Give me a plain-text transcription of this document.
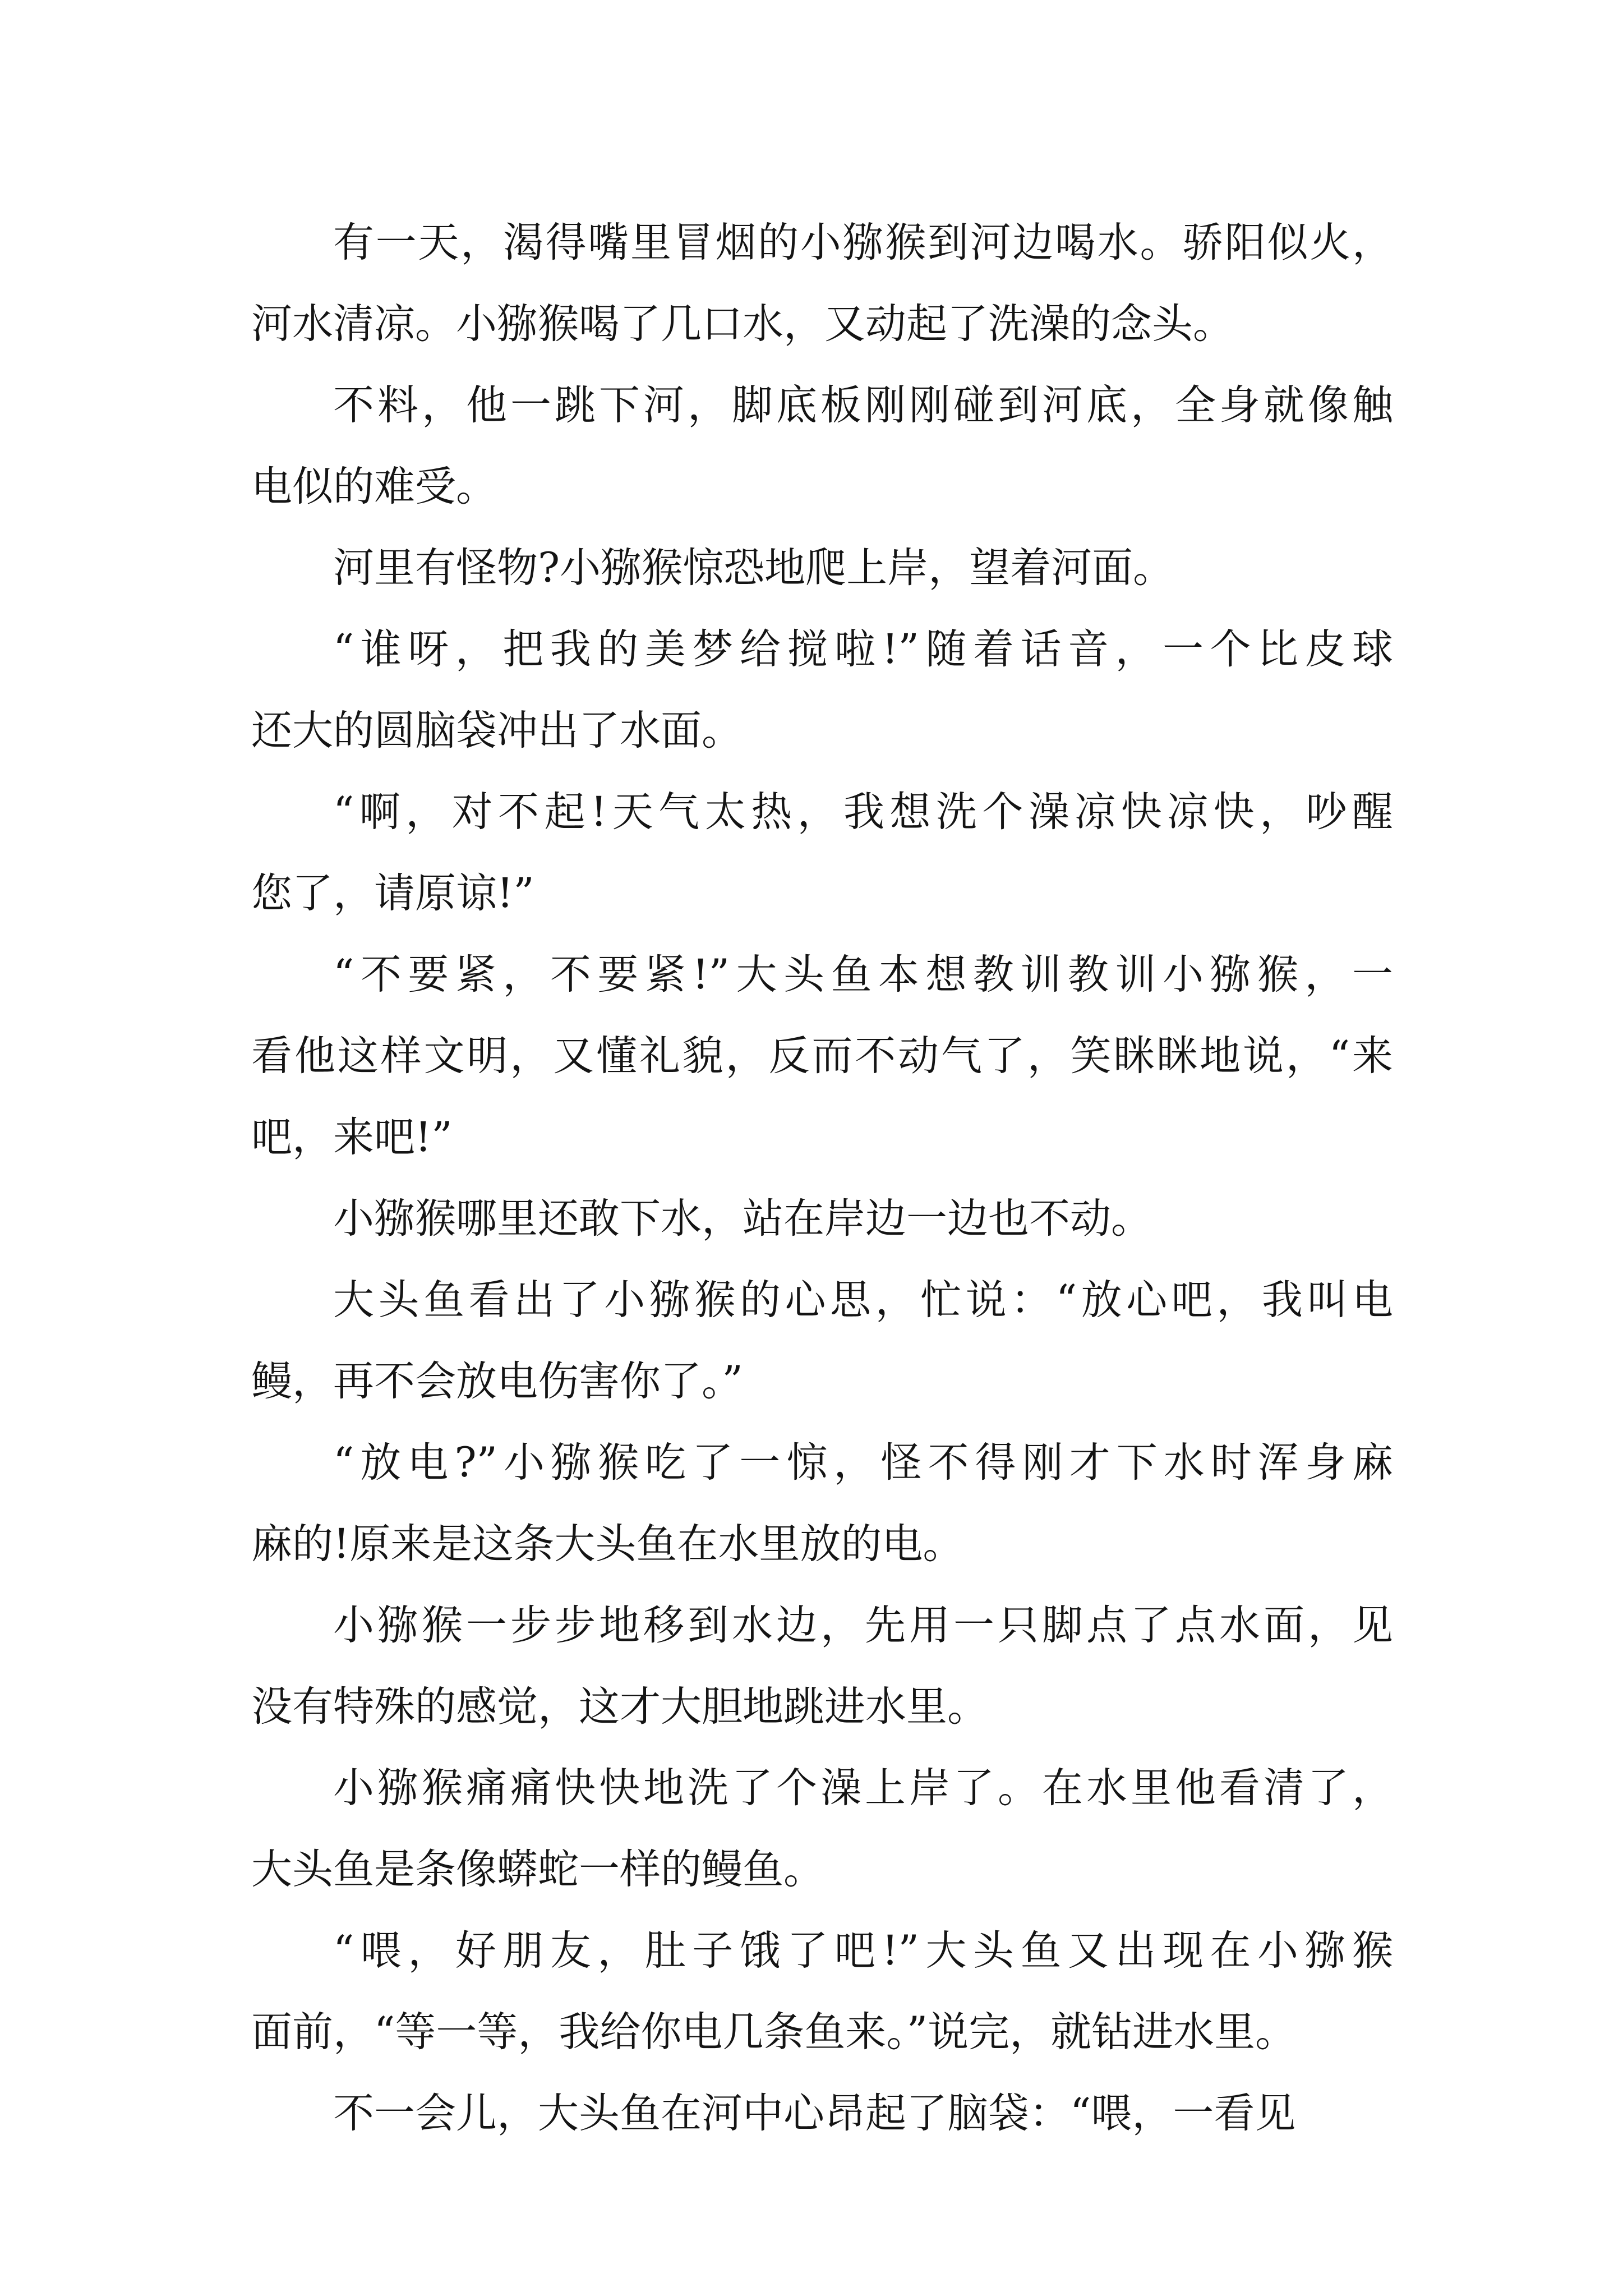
有一天，渴得嘴里冒烟的小猕猴到河边喝水。骄阳似火，
河水清凉。小猕猴喝了几口水，又动起了洗澡的念头。

不料，他一跳下河，脚底板刚刚碰到河底，全身就像触
电似的难受。

河里有怪物?小猕猴惊恐地爬上岸，望着河面。

“谁呀，把我的美梦给搅啦!”随着话音，一个比皮球
还大的圆脑袋冲出了水面。

“啊，对不起!天气太热，我想洗个澡凉快凉快，吵醒
您了，请原谅!”

“不要紧，不要紧!”大头鱼本想教训教训小猕猴，一
看他这样文明，又懂礼貌，反而不动气了，笑眯眯地说，“来
吧，来吧!”

小猕猴哪里还敢下水，站在岸边一边也不动。

大头鱼看出了小猕猴的心思，忙说：“放心吧，我叫电
鳗，再不会放电伤害你了。”

“放电?”小猕猴吃了一惊，怪不得刚才下水时浑身麻
麻的!原来是这条大头鱼在水里放的电。

小猕猴一步步地移到水边，先用一只脚点了点水面，见
没有特殊的感觉，这才大胆地跳进水里。

小猕猴痛痛快快地洗了个澡上岸了。在水里他看清了，
大头鱼是条像蟒蛇一样的鳗鱼。

“喂，好朋友，肚子饿了吧!”大头鱼又出现在小猕猴
面前，“等一等，我给你电几条鱼来。”说完，就钻进水里。

不一会儿，大头鱼在河中心昂起了脑袋：“喂，一看见
